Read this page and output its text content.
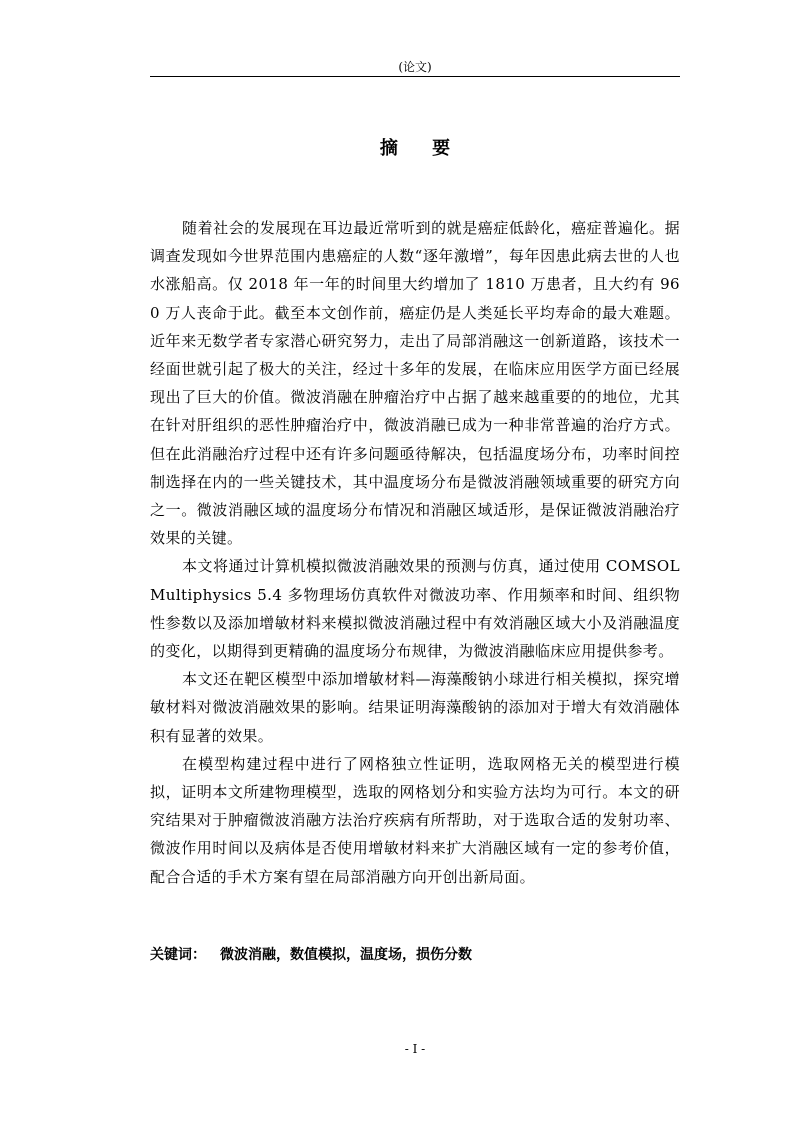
(论文)
摘 要

随着社会的发展现在耳边最近常听到的就是癌症低龄化，癌症普遍化。据调查发现如今世界范围内患癌症的人数“逐年激增”，每年因患此病去世的人也水涨船高。仅 2018 年一年的时间里大约增加了 1810 万患者，且大约有 960 万人丧命于此。截至本文创作前，癌症仍是人类延长平均寿命的最大难题。近年来无数学者专家潜心研究努力，走出了局部消融这一创新道路，该技术一经面世就引起了极大的关注，经过十多年的发展，在临床应用医学方面已经展现出了巨大的价值。微波消融在肿瘤治疗中占据了越来越重要的的地位，尤其在针对肝组织的恶性肿瘤治疗中，微波消融已成为一种非常普遍的治疗方式。但在此消融治疗过程中还有许多问题亟待解决，包括温度场分布，功率时间控制选择在内的一些关键技术，其中温度场分布是微波消融领域重要的研究方向之一。微波消融区域的温度场分布情况和消融区域适形，是保证微波消融治疗效果的关键。

本文将通过计算机模拟微波消融效果的预测与仿真，通过使用 COMSOL Multiphysics 5.4 多物理场仿真软件对微波功率、作用频率和时间、组织物性参数以及添加增敏材料来模拟微波消融过程中有效消融区域大小及消融温度的变化，以期得到更精确的温度场分布规律，为微波消融临床应用提供参考。

本文还在靶区模型中添加增敏材料—海藻酸钠小球进行相关模拟，探究增敏材料对微波消融效果的影响。结果证明海藻酸钠的添加对于增大有效消融体积有显著的效果。

在模型构建过程中进行了网格独立性证明，选取网格无关的模型进行模拟，证明本文所建物理模型，选取的网格划分和实验方法均为可行。本文的研究结果对于肿瘤微波消融方法治疗疾病有所帮助，对于选取合适的发射功率、微波作用时间以及病体是否使用增敏材料来扩大消融区域有一定的参考价值，配合合适的手术方案有望在局部消融方向开创出新局面。

关键词： 微波消融，数值模拟，温度场，损伤分数
- I -
